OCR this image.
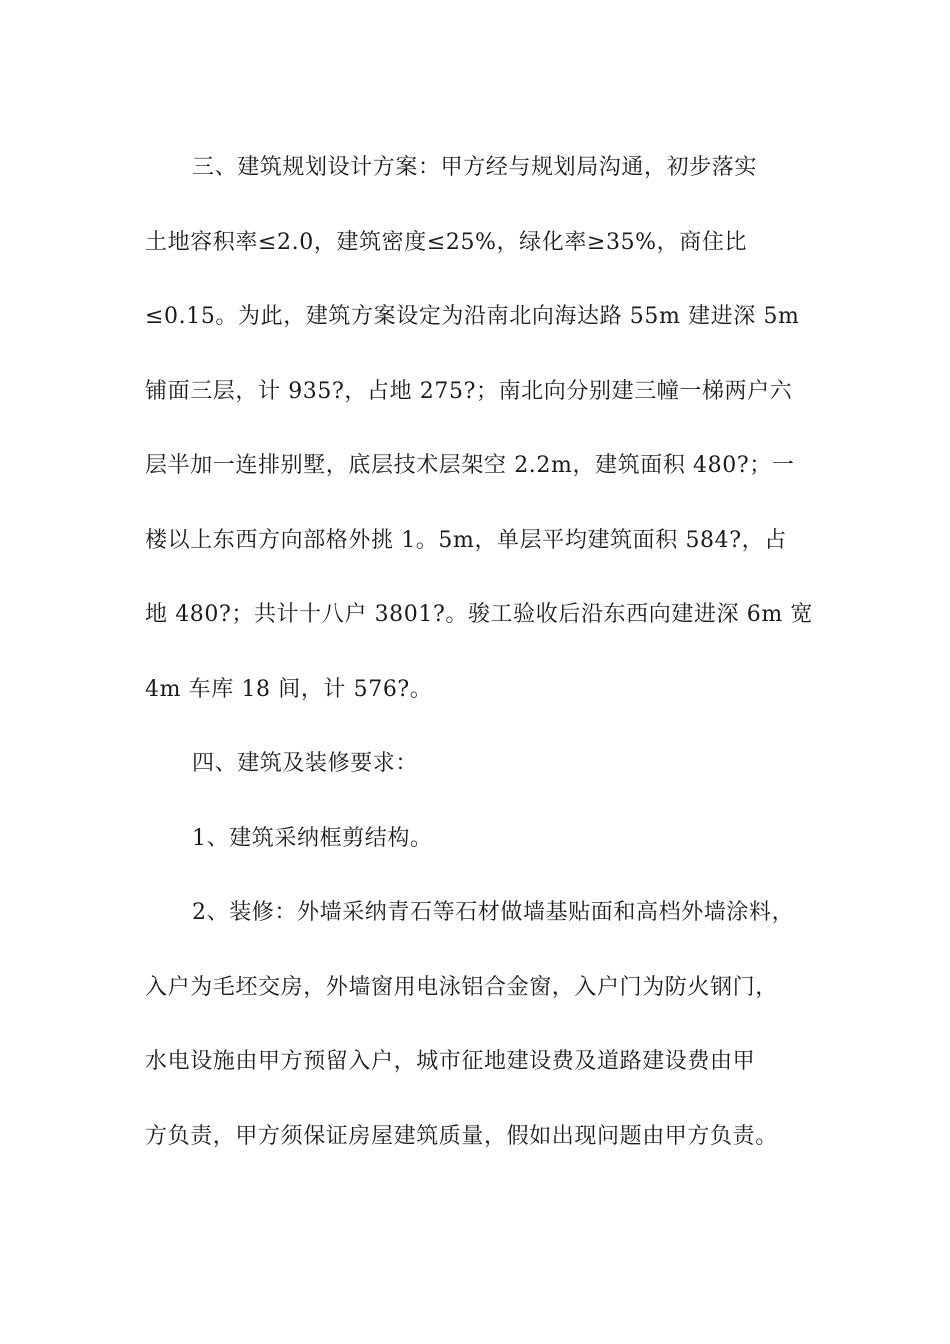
三、建筑规划设计方案：甲方经与规划局沟通，初步落实
土地容积率≤2.0，建筑密度≤25%，绿化率≥35%，商住比
≤0.15。为此，建筑方案设定为沿南北向海达路 55m 建进深 5m
铺面三层，计 935?，占地 275?；南北向分别建三幢一梯两户六
层半加一连排别墅，底层技术层架空 2.2m，建筑面积 480?；一
楼以上东西方向部格外挑 1。5m，单层平均建筑面积 584?，占
地 480?；共计十八户 3801?。骏工验收后沿东西向建进深 6m 宽
4m 车库 18 间，计 576?。
四、建筑及装修要求：
1、建筑采纳框剪结构。
2、装修：外墙采纳青石等石材做墙基贴面和高档外墙涂料，
入户为毛坯交房，外墙窗用电泳铝合金窗，入户门为防火钢门，
水电设施由甲方预留入户，城市征地建设费及道路建设费由甲
方负责，甲方须保证房屋建筑质量，假如出现问题由甲方负责。
